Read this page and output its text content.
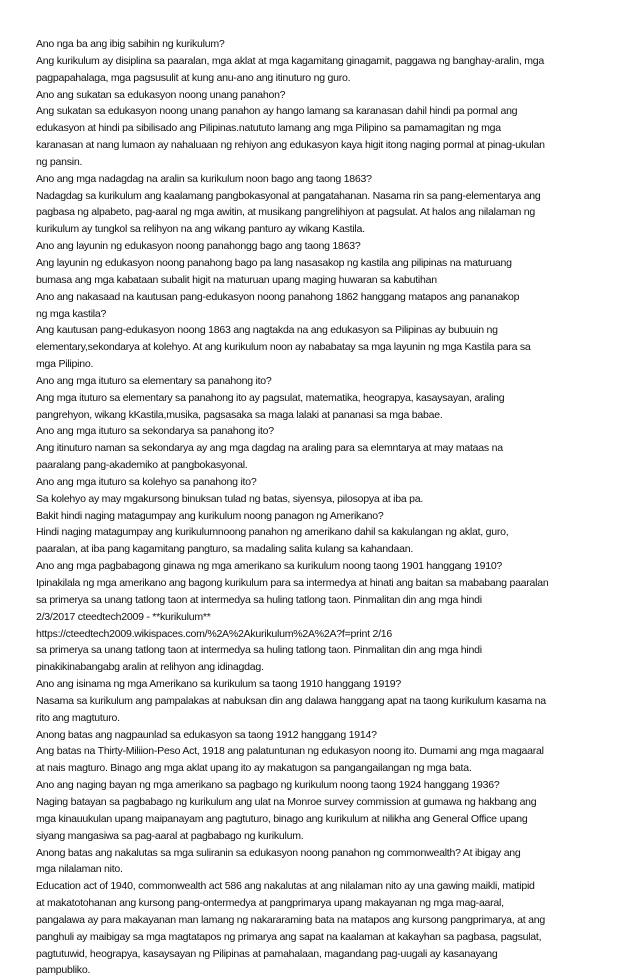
Ano nga ba ang ibig sabihin ng kurikulum?

Ang kurikulum ay disiplina sa paaralan, mga aklat at mga kagamitang ginagamit, paggawa ng banghay-aralin, mga

pagpapahalaga, mga pagsusulit at kung anu-ano ang itinuturo ng guro.

Ano ang sukatan sa edukasyon noong unang panahon?

Ang sukatan sa edukasyon noong unang panahon ay hango lamang sa karanasan dahil hindi pa pormal ang

edukasyon at hindi pa sibilisado ang Pilipinas.natututo lamang ang mga Pilipino sa pamamagitan ng mga

karanasan at nang lumaon ay nahaluaan ng rehiyon ang edukasyon kaya higit itong naging pormal at pinag-ukulan

ng pansin.

Ano ang mga nadagdag na aralin sa kurikulum noon bago ang taong 1863?

Nadagdag sa kurikulum ang kaalamang pangbokasyonal at pangatahanan. Nasama rin sa pang-elementarya ang

pagbasa ng alpabeto, pag-aaral ng mga awitin, at musikang pangrelihiyon at pagsulat. At halos ang nilalaman ng

kurikulum ay tungkol sa relihyon na ang wikang panturo ay wikang Kastila.

Ano ang layunin ng edukasyon noong panahongg bago ang taong 1863?

Ang layunin ng edukasyon noong panahong bago pa lang nasasakop ng kastila ang pilipinas na maturuang

bumasa ang mga kabataan subalit higit na maturuan upang maging huwaran sa kabutihan

Ano ang nakasaad na kautusan pang-edukasyon noong panahong 1862 hanggang matapos ang pananakop

ng mga kastila?

Ang kautusan pang-edukasyon noong 1863 ang nagtakda na ang edukasyon sa Pilipinas ay bubuuin ng

elementary,sekondarya at kolehyo. At ang kurikulum noon ay nababatay sa mga layunin ng mga Kastila para sa

mga Pilipino.

Ano ang mga ituturo sa elementary sa panahong ito?

Ang mga ituturo sa elementary sa panahong ito ay pagsulat, matematika, heograpya, kasaysayan, araling

pangrehyon, wikang kKastila,musika, pagsasaka sa maga lalaki at pananasi sa mga babae.

Ano ang mga ituturo sa sekondarya sa panahong ito?

Ang itinuturo naman sa sekondarya ay ang mga dagdag na araling para sa elemntarya at may mataas na

paaralang pang-akademiko at pangbokasyonal.

Ano ang mga ituturo sa kolehyo sa panahong ito?

Sa kolehyo ay may mgakursong binuksan tulad ng batas, siyensya, pilosopya at iba pa.

Bakit hindi naging matagumpay ang kurikulum noong panagon ng Amerikano?

Hindi naging matagumpay ang kurikulumnoong panahon ng amerikano dahil sa kakulangan ng aklat, guro,

paaralan, at iba pang kagamitang pangturo, sa madaling salita kulang sa kahandaan.

Ano ang mga pagbabagong ginawa ng mga amerikano sa kurikulum noong taong 1901 hanggang 1910?

Ipinakilala ng mga amerikano ang bagong kurikulum para sa intermedya at hinati ang baitan sa mababang paaralan

sa primerya sa unang tatlong taon at intermedya sa huling tatlong taon. Pinmalitan din ang mga hindi

2/3/2017 cteedtech2009 - **kurikulum**

https://cteedtech2009.wikispaces.com/%2A%2Akurikulum%2A%2A?f=print 2/16

sa primerya sa unang tatlong taon at intermedya sa huling tatlong taon. Pinmalitan din ang mga hindi

pinakikinabangabg aralin at relihyon ang idinagdag.

Ano ang isinama ng mga Amerikano sa kurikulum sa taong 1910 hanggang 1919?

Nasama sa kurikulum ang pampalakas at nabuksan din ang dalawa hanggang apat na taong kurikulum kasama na

rito ang magtuturo.

Anong batas ang nagpaunlad sa edukasyon sa taong 1912 hanggang 1914?

Ang batas na Thirty-Miliion-Peso Act, 1918 ang palatuntunan ng edukasyon noong ito. Dumami ang mga magaaral

at nais magturo. Binago ang mga aklat upang ito ay makatugon sa pangangailangan ng mga bata.

Ano ang naging bayan ng mga amerikano sa pagbago ng kurikulum noong taong 1924 hanggang 1936?

Naging batayan sa pagbabago ng kurikulum ang ulat na Monroe survey commission at gumawa ng hakbang ang

mga kinauukulan upang maipanayam ang pagtuturo, binago ang kurikulum at nilikha ang General Office upang

siyang mangasiwa sa pag-aaral at pagbabago ng kurikulum.

Anong batas ang nakalutas sa mga suliranin sa edukasyon noong panahon ng commonwealth? At ibigay ang

mga nilalaman nito.

Education act of 1940, commonwealth act 586 ang nakalutas at ang nilalaman nito ay una gawing maikli, matipid

at makatotohanan ang kursong pang-ontermedya at pangprimarya upang makayanan ng mga mag-aaral,

pangalawa ay para makayanan man lamang ng nakararaming bata na matapos ang kursong pangprimarya, at ang

panghuli ay maibigay sa mga magtatapos ng primarya ang sapat na kaalaman at kakayhan sa pagbasa, pagsulat,

pagtutuwid, heograpya, kasaysayan ng Pilipinas at pamahalaan, magandang pag-uugali ay kasanayang

pampubliko.
